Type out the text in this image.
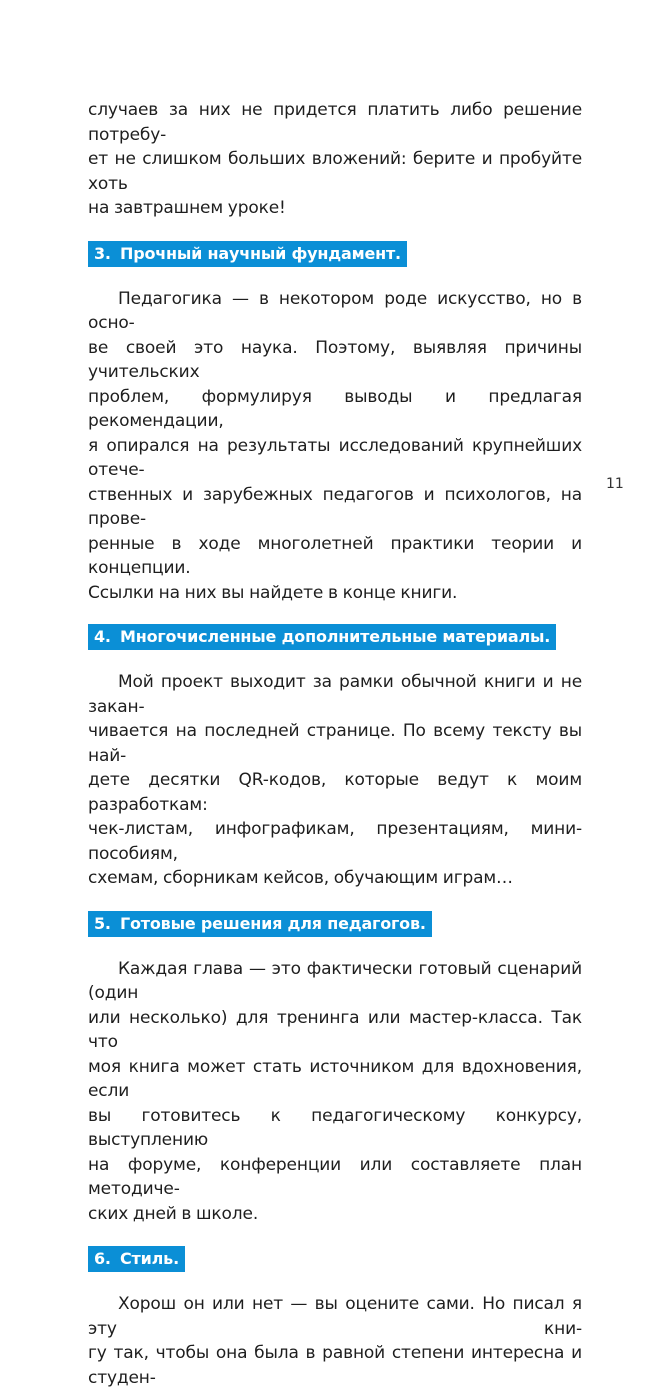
случаев за них не придется платить либо решение потребу-
ет не слишком больших вложений: берите и пробуйте хоть
на завтрашнем уроке!

3. Прочный научный фундамент.

Педагогика — в некотором роде искусство, но в осно-
ве своей это наука. Поэтому, выявляя причины учительских
проблем, формулируя выводы и предлагая рекомендации,
я опирался на результаты исследований крупнейших отече-
ственных и зарубежных педагогов и психологов, на прове-
ренные в ходе многолетней практики теории и концепции.
Ссылки на них вы найдете в конце книги.

4. Многочисленные дополнительные материалы.

Мой проект выходит за рамки обычной книги и не закан-
чивается на последней странице. По всему тексту вы най-
дете десятки QR-кодов, которые ведут к моим разработкам:
чек-листам, инфографикам, презентациям, мини-пособиям,
схемам, сборникам кейсов, обучающим играм…

5. Готовые решения для педагогов.

Каждая глава — это фактически готовый сценарий (один
или несколько) для тренинга или мастер-класса. Так что
моя книга может стать источником для вдохновения, если
вы готовитесь к педагогическому конкурсу, выступлению
на форуме, конференции или составляете план методиче-
ских дней в школе.

6. Стиль.

Хорош он или нет — вы оцените сами. Но писал я эту кни-
гу так, чтобы она была в равной степени интересна и студен-

11
